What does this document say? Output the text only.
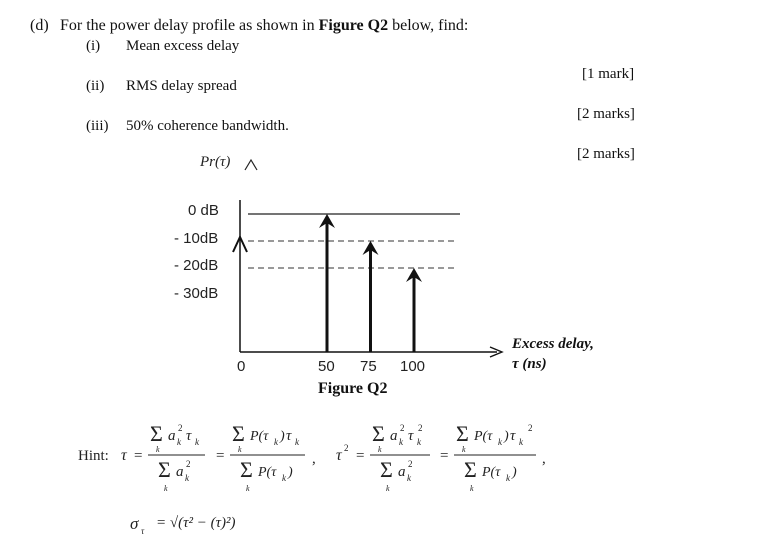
(d) For the power delay profile as shown in Figure Q2 below, find:
(i) Mean excess delay
(ii) RMS delay spread
(iii) 50% coherence bandwidth.
[1 mark]
[2 marks]
[2 marks]
Pr(τ)
0 dB
- 10dB
- 20dB
- 30dB
0	50 75 100
Figure Q2
Excess delay,
τ (ns)
Hint: τ =
Σ a k
2 τ k
k
Σ a k
2
k
=
Σ P(τ k ) τ k
k
Σ P(τ k )
k
, τ 2 =
Σ a k
2 τ k
2
k
Σ a k
2
k
=
Σ P(τ k ) τ k
2
k
Σ P(τ k )
k
,
σ τ = √(τ² − (τ)²)
